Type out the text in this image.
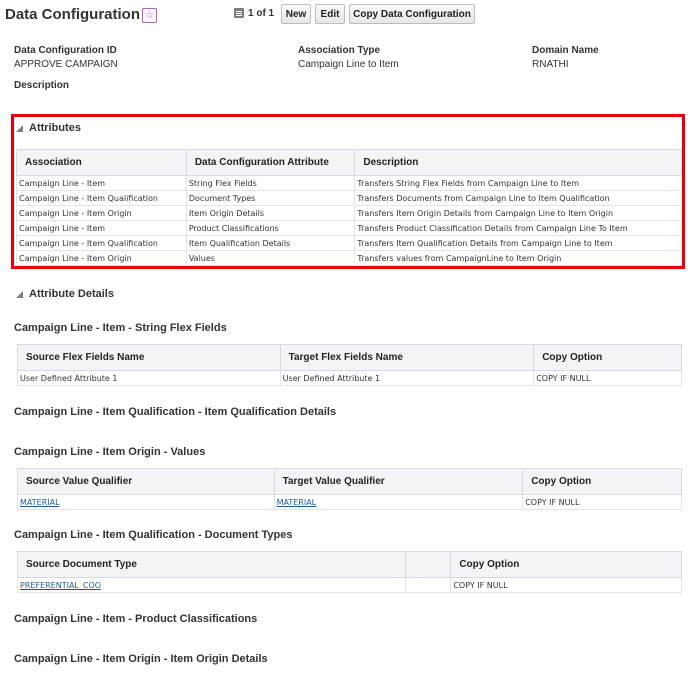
Data Configuration ☆	1 of 1	New	Edit	Copy Data Configuration
Data Configuration ID
APPROVE CAMPAIGN
Association Type
Campaign Line to Item
Domain Name
RNATHI
Description
Attributes
Association	Data Configuration Attribute	Description
Campaign Line - Item	String Flex Fields	Transfers String Flex Fields from Campaign Line to Item
Campaign Line - Item Qualification	Document Types	Transfers Documents from Campaign Line to Item Qualification
Campaign Line - Item Origin	Item Origin Details	Transfers Item Origin Details from Campaign Line to Item Origin
Campaign Line - Item	Product Classifications	Transfers Product Classification Details from Campaign Line To Item
Campaign Line - Item Qualification	Item Qualification Details	Transfers Item Qualification Details from Campaign Line to Item
Campaign Line - Item Origin	Values	Transfers values from CampaignLine to Item Origin
Attribute Details
Campaign Line - Item - String Flex Fields
Source Flex Fields Name	Target Flex Fields Name	Copy Option
User Defined Attribute 1	User Defined Attribute 1	COPY IF NULL
Campaign Line - Item Qualification - Item Qualification Details
Campaign Line - Item Origin - Values
Source Value Qualifier	Target Value Qualifier	Copy Option
MATERIAL	MATERIAL	COPY IF NULL
Campaign Line - Item Qualification - Document Types
Source Document Type		Copy Option
PREFERENTIAL_COO		COPY IF NULL
Campaign Line - Item - Product Classifications
Campaign Line - Item Origin - Item Origin Details
